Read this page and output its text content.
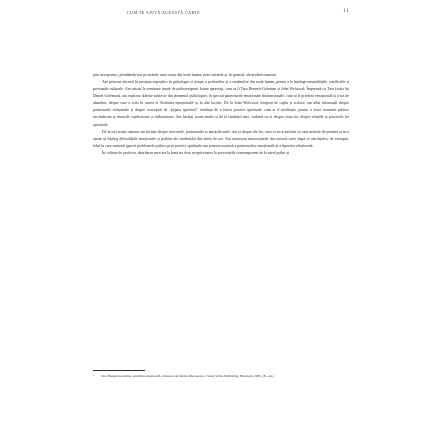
CUM TE AJUTĂ ACEASTĂ CARTE	11

prin aeroporturi, plimbându-mă pe străzile unor orașe din toată lumea, prin cafenele și, în general, observând oamenii.

Am petrecut decenii în preajma experților în psihologie și științe, a prietenilor și a studenților din toată lumea, pentru a le înțelege mentalitățile, conflictele și presiunile culturale. Am asistat la seminare ținute de psihoterapeuți foarte apreciați, cum ar fi Tara Bennett-Goleman și John Welwood. Împreună cu Tara (soția lui Daniel Goleman), am explorat diferite subiecte din domeniul psihologiei, în special patternurile emoționale disfuncționale, cum ar fi privarea emoțională și frica de abandon, despre care a scris în cartea ei Alchimia emoțională¹ și în alte lucrări. De la John Welwood, terapeut de cuplu și scriitor, am aflat informații despre patternurile relaționale și despre conceptul de „bypass spiritual”, tendința de a folosi practici spirituale, cum ar fi meditația, pentru a evita traumele psihice nevindecate și emoțiile copleșitoare și tulburătoare. Am învățat foarte multe și de la studenții mei, vorbind cu ei despre viața lor, despre relațiile și practicile lor spirituale.

De la toți acești oameni am învățat despre nevrozele, patternurile și emoțiile mele, dar și despre ale lor, ceea ce m-a motivat să caut metode de predare și m-a ajutat să înțeleg dificultățile emoționale și psihice ale studenților din zilele de azi. Am structurat instrucțiunile din această carte după ce am înțeles, de exemplu, felul în care oamenii ignoră problemele psihice prin practici spirituale sau puterea ascunsă a patternurilor emoționale și a tiparelor relaționale.

În calitate de profesor, abordarea mea are la bază nu doar receptivitatea la provocările contemporane de la nivel psihic și

¹ Tara Bennett-Goleman, Alchimia emoțională, traducere de Sabina Diaconescu, Curtea Veche Publishing, București, 2005. (N. red.)
